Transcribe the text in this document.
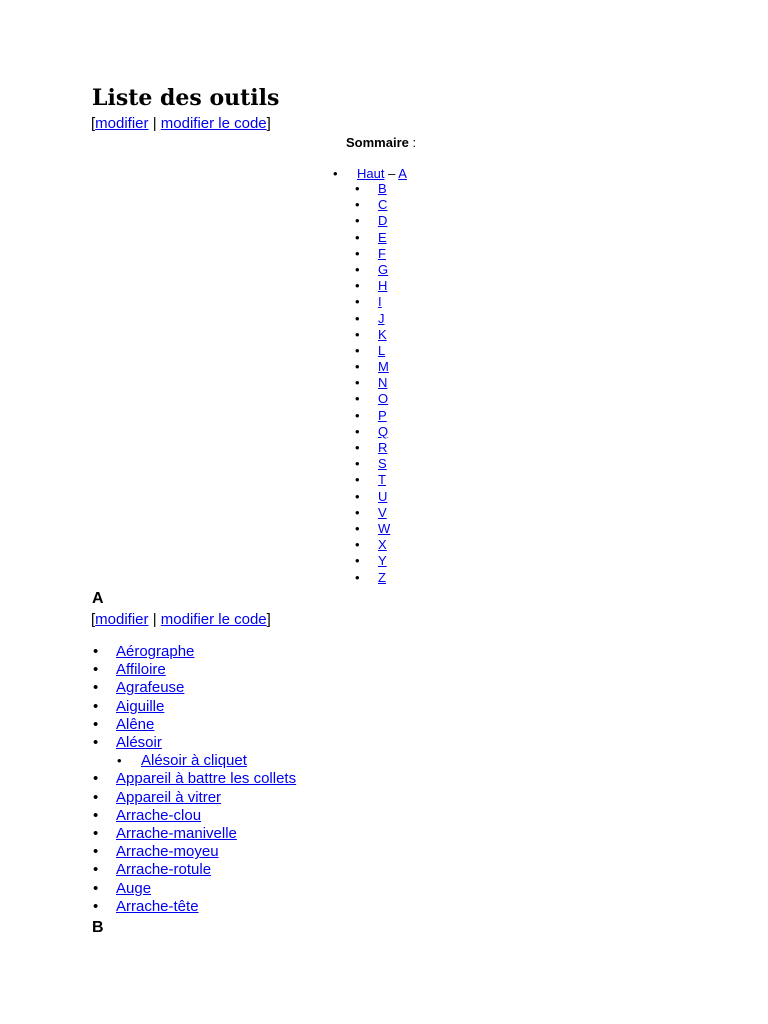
Liste des outils
[modifier | modifier le code]
Sommaire :
• Haut – A
• B
• C
• D
• E
• F
• G
• H
• I
• J
• K
• L
• M
• N
• O
• P
• Q
• R
• S
• T
• U
• V
• W
• X
• Y
• Z
A
[modifier | modifier le code]
• Aérographe
• Affiloire
• Agrafeuse
• Aiguille
• Alêne
• Alésoir
• Alésoir à cliquet
• Appareil à battre les collets
• Appareil à vitrer
• Arrache-clou
• Arrache-manivelle
• Arrache-moyeu
• Arrache-rotule
• Auge
• Arrache-tête
B
